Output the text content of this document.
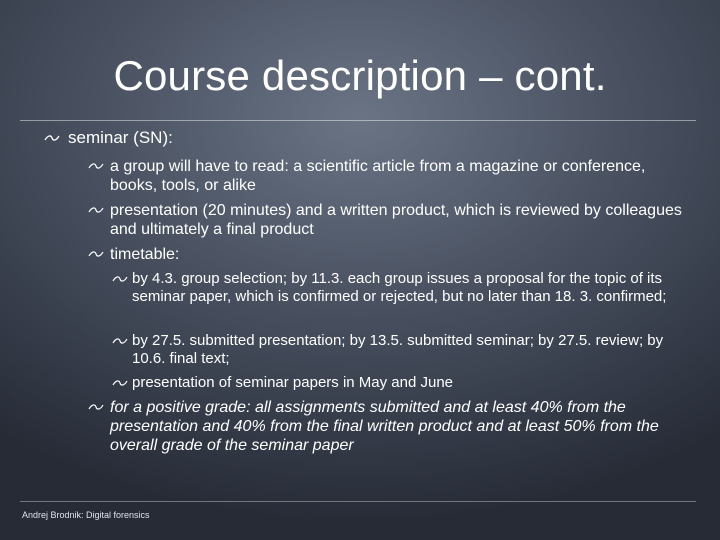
Course description – cont.
seminar (SN):
a group will have to read: a scientific article from a magazine or conference, books, tools, or alike
presentation (20 minutes) and a written product, which is reviewed by colleagues and ultimately a final product
timetable:
by 4.3. group selection; by 11.3. each group issues a proposal for the topic of its seminar paper, which is confirmed or rejected, but no later than 18. 3. confirmed;
by 27.5. submitted presentation; by 13.5. submitted seminar; by 27.5. review; by 10.6. final text;
presentation of seminar papers in May and June
for a positive grade: all assignments submitted and at least 40% from the presentation and 40% from the final written product and at least 50% from the overall grade of the seminar paper
Andrej Brodnik: Digital forensics
